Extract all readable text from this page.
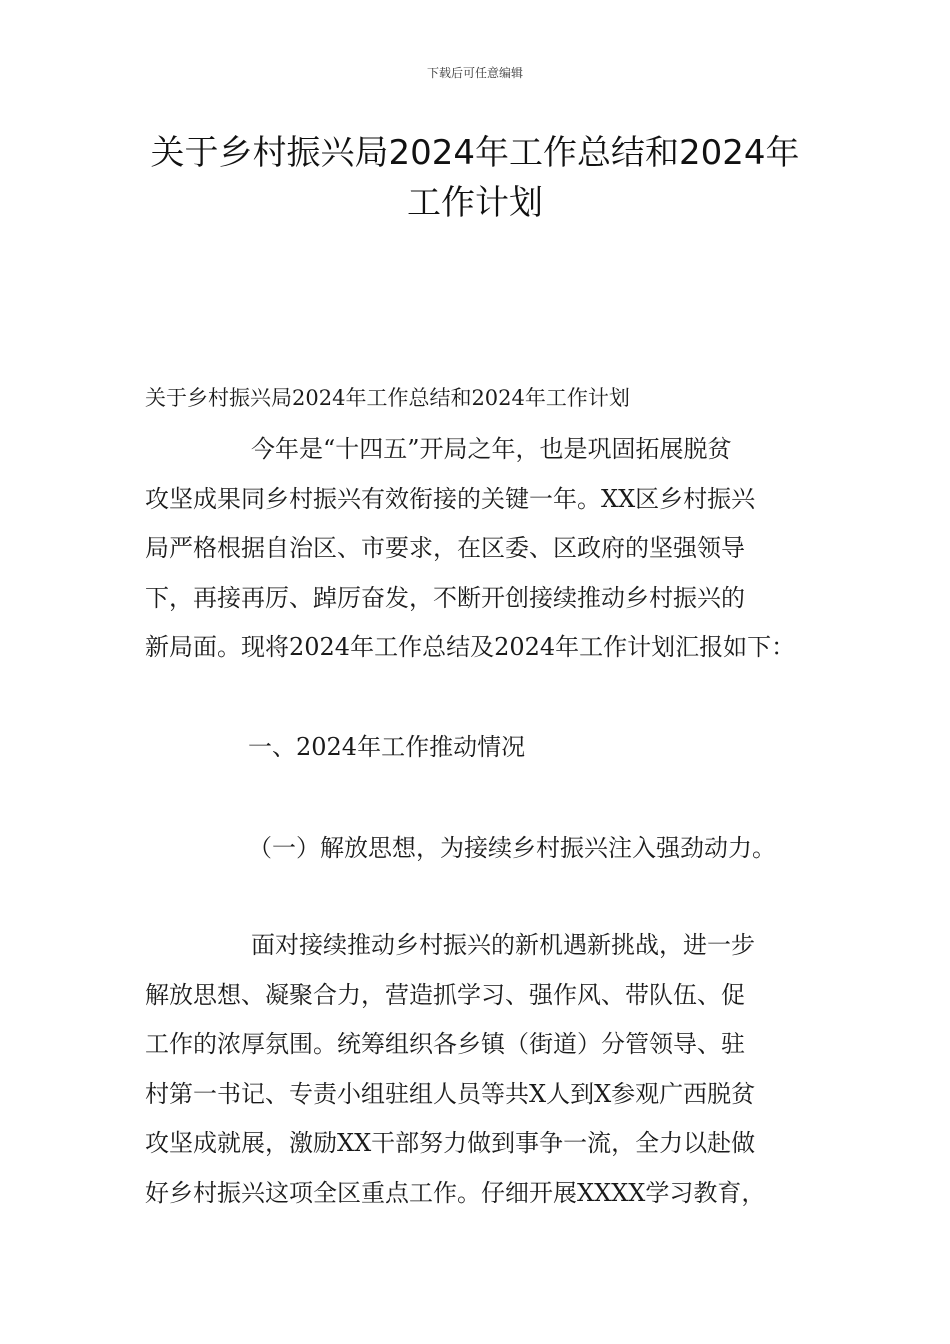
下载后可任意编辑
关于乡村振兴局2024年工作总结和2024年
工作计划
关于乡村振兴局2024年工作总结和2024年工作计划

今年是“十四五”开局之年，也是巩固拓展脱贫
攻坚成果同乡村振兴有效衔接的关键一年。XX区乡村振兴
局严格根据自治区、市要求，在区委、区政府的坚强领导
下，再接再厉、踔厉奋发，不断开创接续推动乡村振兴的
新局面。现将2024年工作总结及2024年工作计划汇报如下：

一、2024年工作推动情况
（一）解放思想，为接续乡村振兴注入强劲动力。

面对接续推动乡村振兴的新机遇新挑战，进一步
解放思想、凝聚合力，营造抓学习、强作风、带队伍、促
工作的浓厚氛围。统筹组织各乡镇（街道）分管领导、驻
村第一书记、专责小组驻组人员等共X人到X参观广西脱贫
攻坚成就展，激励XX干部努力做到事争一流，全力以赴做
好乡村振兴这项全区重点工作。仔细开展XXXX学习教育，
